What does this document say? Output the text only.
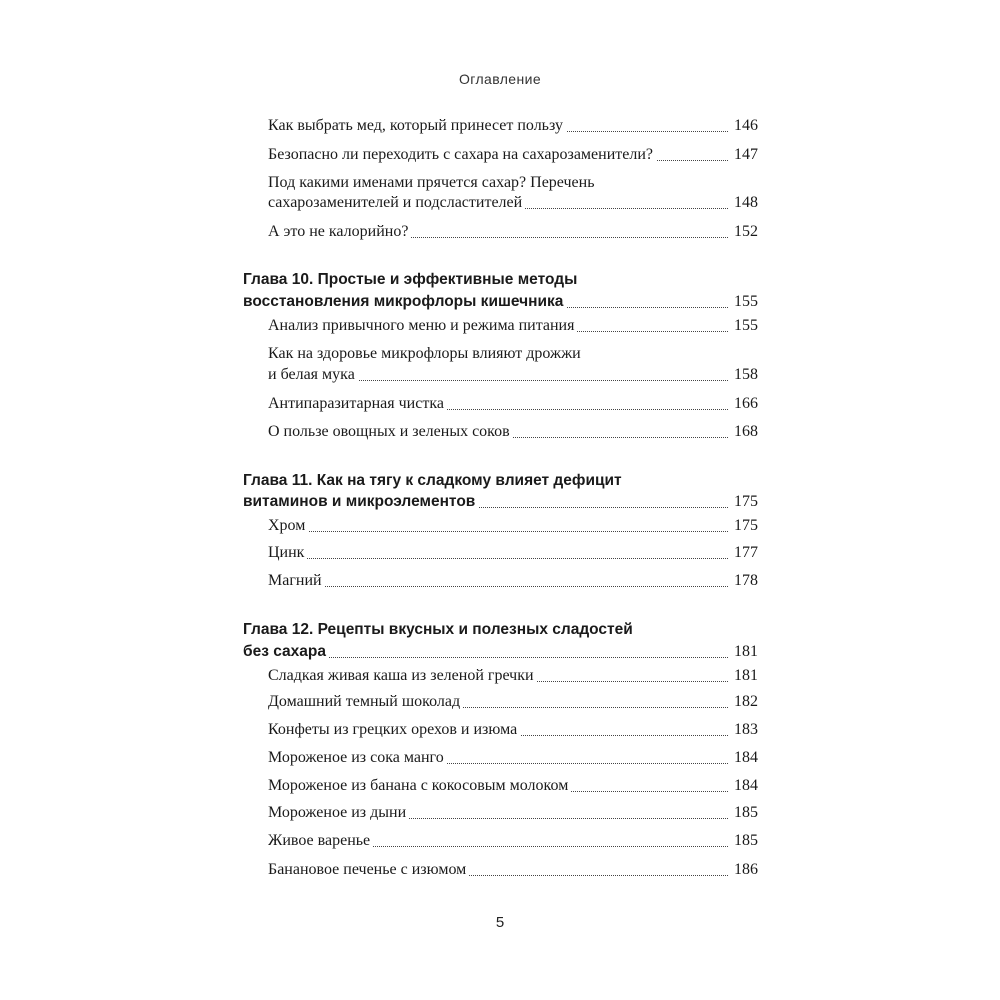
Оглавление
Как выбрать мед, который принесет пользу	146
Безопасно ли переходить с сахара на сахарозаменители?	147
Под какими именами прячется сахар? Перечень
сахарозаменителей и подсластителей	148
А это не калорийно?	152
Глава 10. Простые и эффективные методы
восстановления микрофлоры кишечника	155
Анализ привычного меню и режима питания	155
Как на здоровье микрофлоры влияют дрожжи
и белая мука	158
Антипаразитарная чистка	166
О пользе овощных и зеленых соков	168
Глава 11. Как на тягу к сладкому влияет дефицит
витаминов и микроэлементов	175
Хром	175
Цинк	177
Магний	178
Глава 12. Рецепты вкусных и полезных сладостей
без сахара	181
Сладкая живая каша из зеленой гречки	181
Домашний темный шоколад	182
Конфеты из грецких орехов и изюма	183
Мороженое из сока манго	184
Мороженое из банана с кокосовым молоком	184
Мороженое из дыни	185
Живое варенье	185
Банановое печенье с изюмом	186
5
